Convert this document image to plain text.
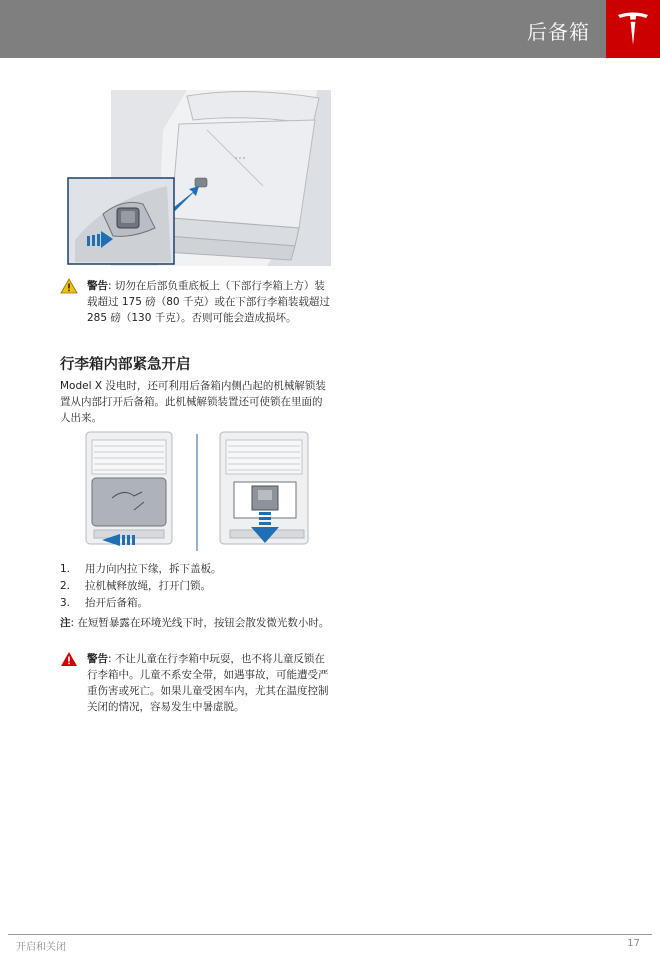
后备箱
警告: 切勿在后部负重底板上（下部行李箱上方）装载超过 175 磅（80 千克）或在下部行李箱装载超过 285 磅（130 千克）。否则可能会造成损坏。
行李箱内部紧急开启
Model X 没电时，还可利用后备箱内侧凸起的机械解锁装置从内部打开后备箱。此机械解锁装置还可使锁在里面的人出来。
1. 用力向内拉下缘，拆下盖板。
2. 拉机械释放绳，打开门锁。
3. 抬开后备箱。
注: 在短暂暴露在环境光线下时，按钮会散发微光数小时。
警告: 不让儿童在行李箱中玩耍，也不将儿童反锁在行李箱中。儿童不系安全带，如遇事故，可能遭受严重伤害或死亡。如果儿童受困车内，尤其在温度控制关闭的情况，容易发生中暑虚脱。
开启和关闭	17
